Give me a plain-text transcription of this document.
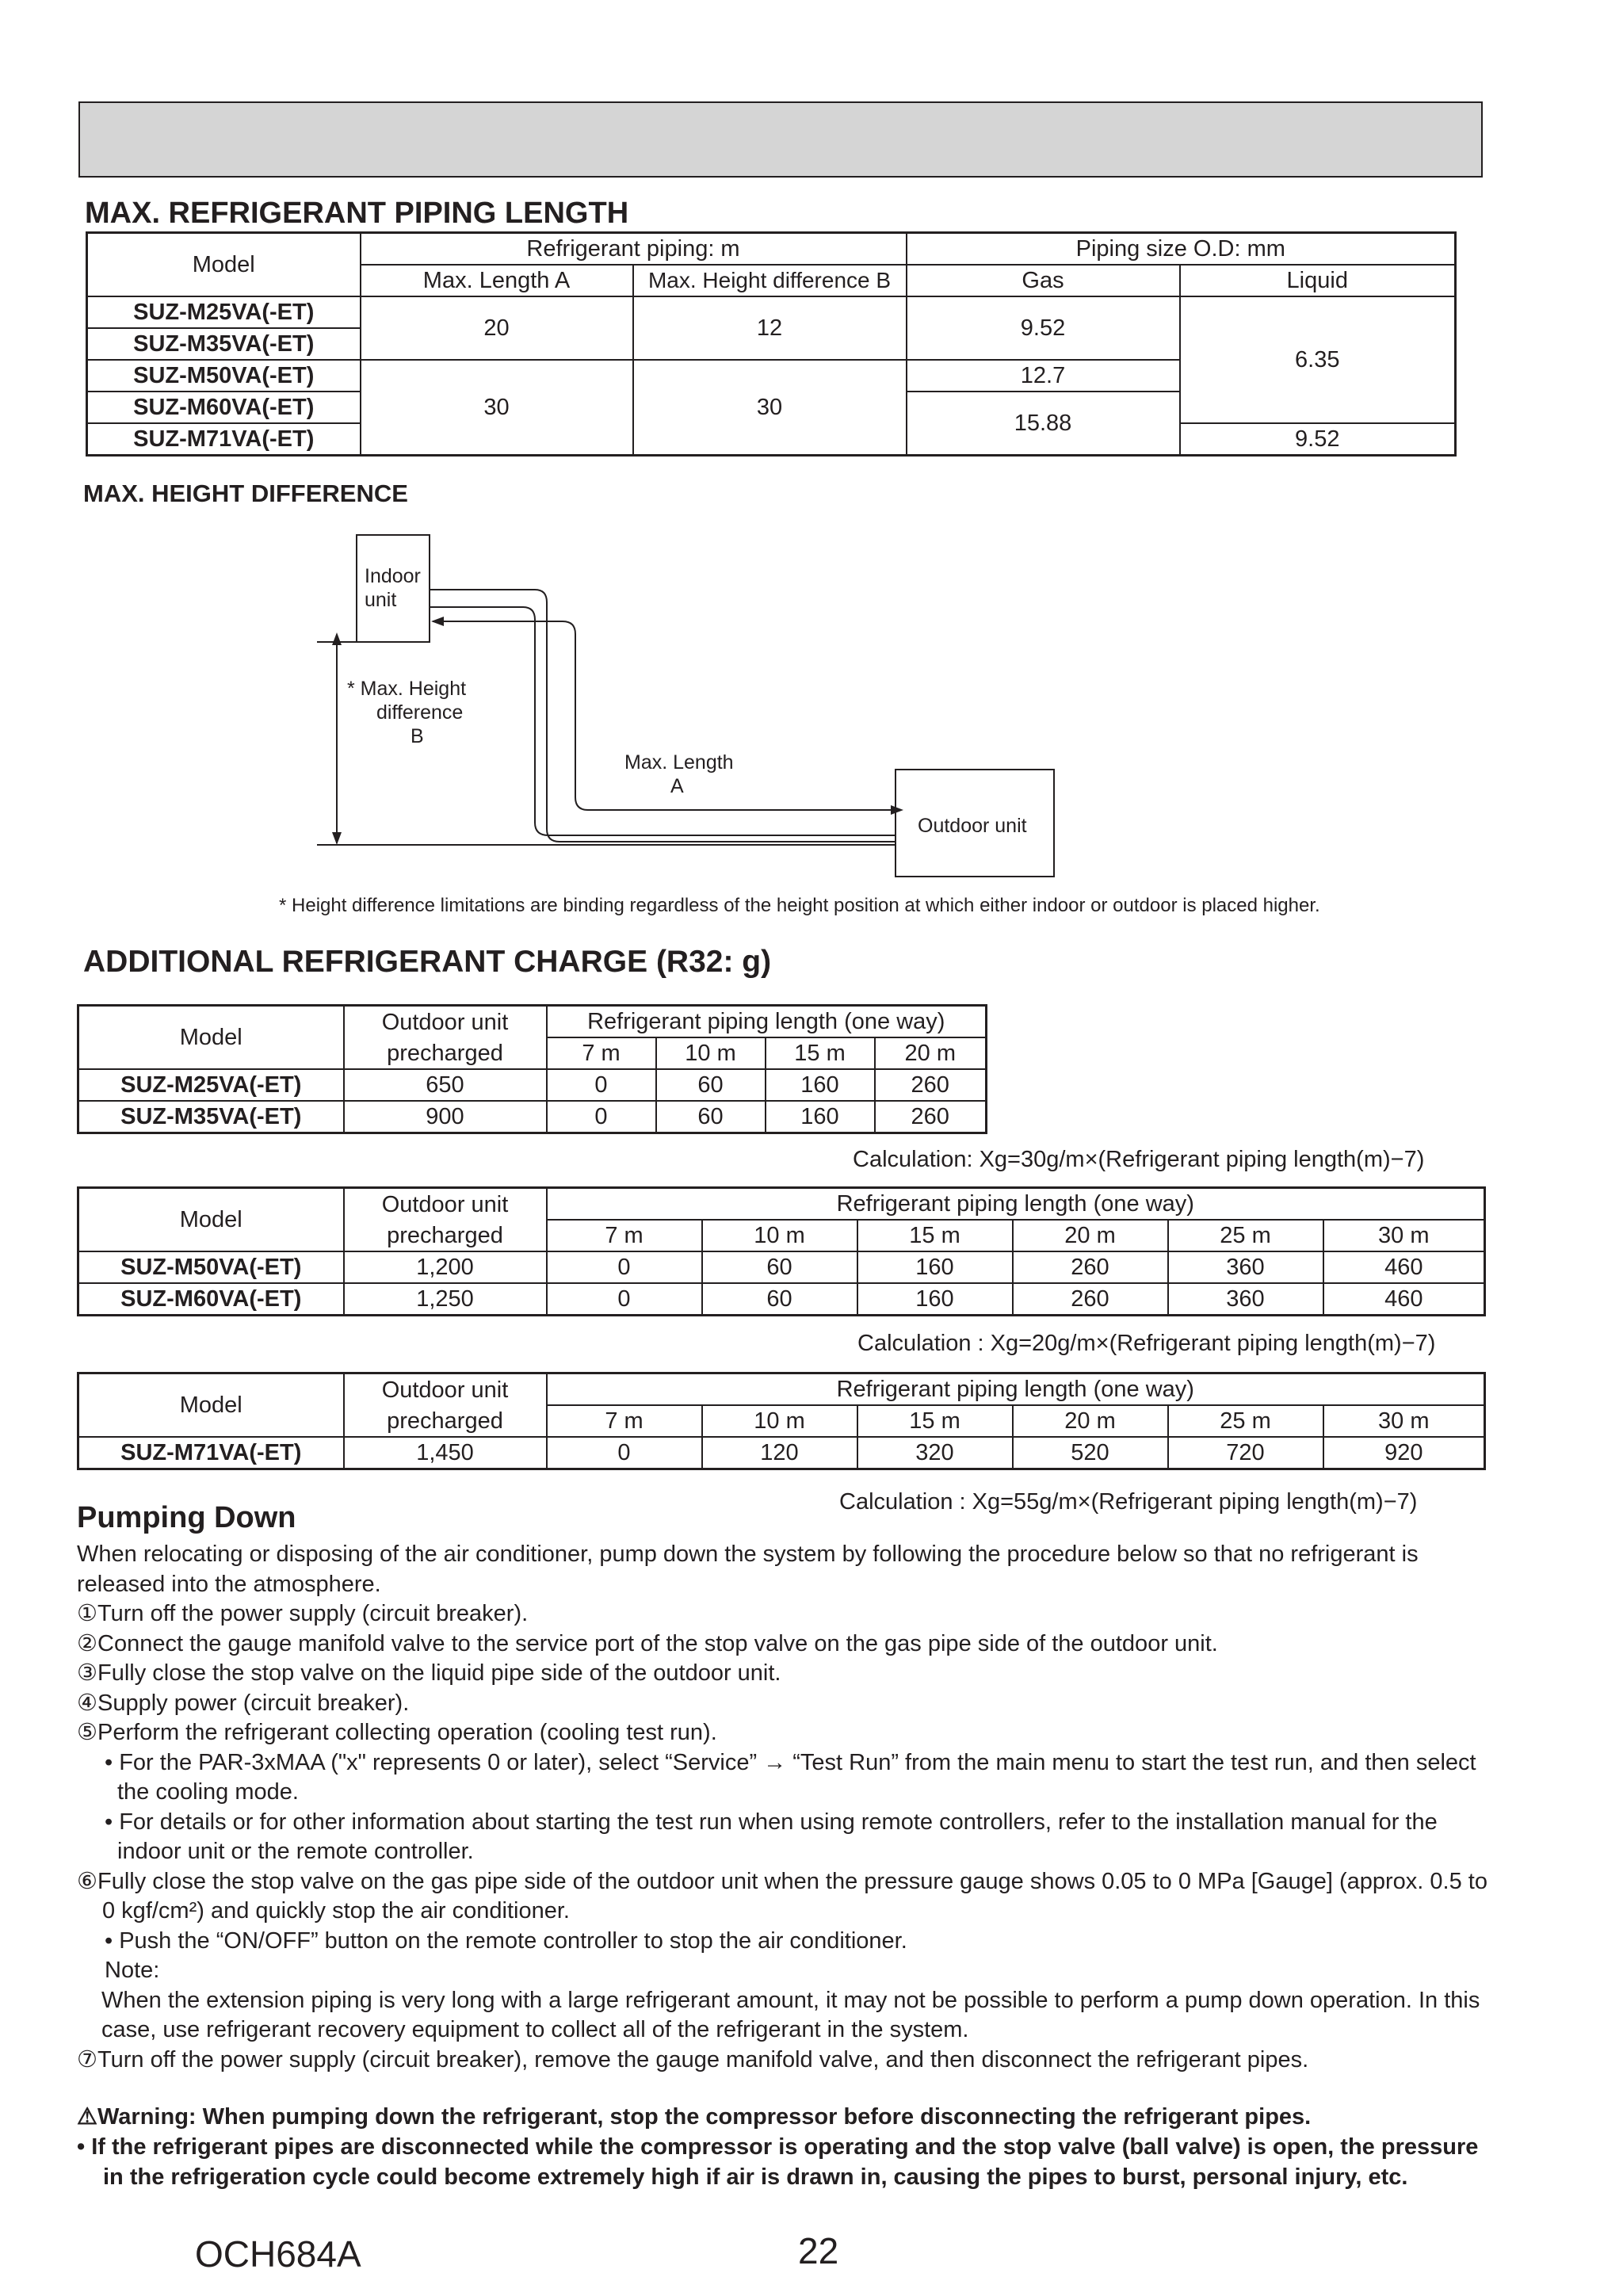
MAX. REFRIGERANT PIPING LENGTH
Model	Refrigerant piping: m		Piping size O.D: mm	
	Max. Length A	Max. Height difference B	Gas	Liquid
SUZ-M25VA(-ET)	20	12	9.52	6.35
SUZ-M35VA(-ET)				
SUZ-M50VA(-ET)	30	30	12.7	
SUZ-M60VA(-ET)			15.88	
SUZ-M71VA(-ET)				9.52
MAX. HEIGHT DIFFERENCE
Indoor
unit
* Max. Height
difference
B
Max. Length
A
Outdoor unit
* Height difference limitations are binding regardless of the height position at which either indoor or outdoor is placed higher.
ADDITIONAL REFRIGERANT CHARGE (R32: g)
Model	Outdoor unit	Refrigerant piping length (one way)			
	precharged	7 m	10 m	15 m	20 m
SUZ-M25VA(-ET)	650	0	60	160	260
SUZ-M35VA(-ET)	900	0	60	160	260
Calculation: Xg=30g/m×(Refrigerant piping length(m)−7)
Model	Outdoor unit	Refrigerant piping length (one way)					
	precharged	7 m	10 m	15 m	20 m	25 m	30 m
SUZ-M50VA(-ET)	1,200	0	60	160	260	360	460
SUZ-M60VA(-ET)	1,250	0	60	160	260	360	460
Calculation : Xg=20g/m×(Refrigerant piping length(m)−7)
Model	Outdoor unit	Refrigerant piping length (one way)					
	precharged	7 m	10 m	15 m	20 m	25 m	30 m
SUZ-M71VA(-ET)	1,450	0	120	320	520	720	920
Calculation : Xg=55g/m×(Refrigerant piping length(m)−7)
Pumping Down

When relocating or disposing of the air conditioner, pump down the system by following the procedure below so that no refrigerant is released into the atmosphere.

①Turn off the power supply (circuit breaker).

②Connect the gauge manifold valve to the service port of the stop valve on the gas pipe side of the outdoor unit.

③Fully close the stop valve on the liquid pipe side of the outdoor unit.

④Supply power (circuit breaker).

⑤Perform the refrigerant collecting operation (cooling test run).

• For the PAR-3xMAA ("x" represents 0 or later), select “Service” → “Test Run” from the main menu to start the test run, and then select the cooling mode.

• For details or for other information about starting the test run when using remote controllers, refer to the installation manual for the indoor unit or the remote controller.

⑥Fully close the stop valve on the gas pipe side of the outdoor unit when the pressure gauge shows 0.05 to 0 MPa [Gauge] (approx. 0.5 to 0 kgf/cm²) and quickly stop the air conditioner.

• Push the “ON/OFF” button on the remote controller to stop the air conditioner.

Note:

When the extension piping is very long with a large refrigerant amount, it may not be possible to perform a pump down operation. In this case, use refrigerant recovery equipment to collect all of the refrigerant in the system.

⑦Turn off the power supply (circuit breaker), remove the gauge manifold valve, and then disconnect the refrigerant pipes.

⚠Warning: When pumping down the refrigerant, stop the compressor before disconnecting the refrigerant pipes.

• If the refrigerant pipes are disconnected while the compressor is operating and the stop valve (ball valve) is open, the pressure in the refrigeration cycle could become extremely high if air is drawn in, causing the pipes to burst, personal injury, etc.

OCH684A	22
